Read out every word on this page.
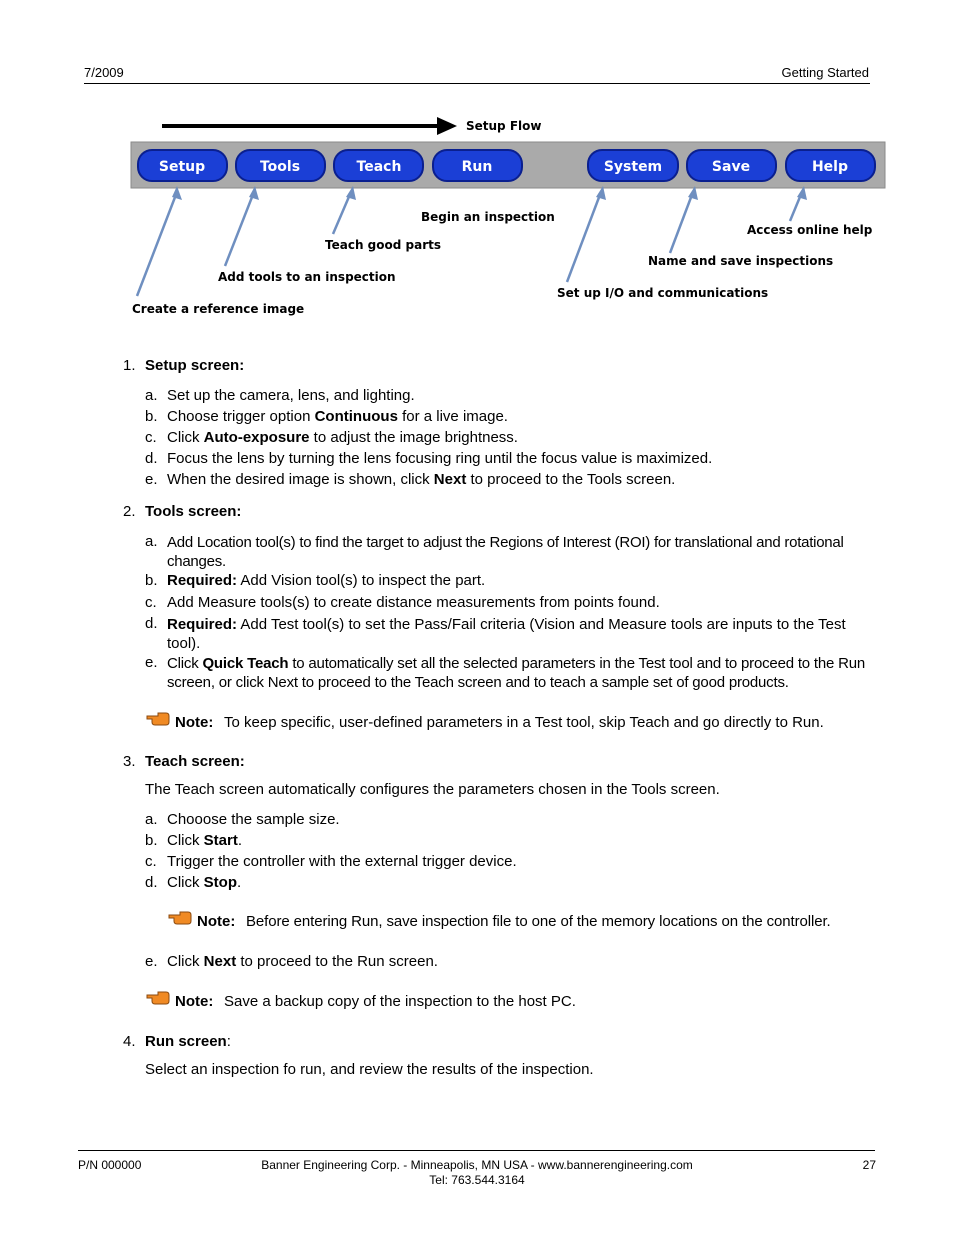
7/2009	Getting Started
Setup Flow
Setup	Tools	Teach	Run	System	Save	Help
Create a reference image
Add tools to an inspection
Teach good parts
Begin an inspection
Set up I/O and communications
Name and save inspections
Access online help
1. Setup screen:
a. Set up the camera, lens, and lighting.
b. Choose trigger option Continuous for a live image.
c. Click Auto-exposure to adjust the image brightness.
d. Focus the lens by turning the lens focusing ring until the focus value is maximized.
e. When the desired image is shown, click Next to proceed to the Tools screen.
2. Tools screen:
a. Add Location tool(s) to find the target to adjust the Regions of Interest (ROI) for translational and rotational changes.
b. Required: Add Vision tool(s) to inspect the part.
c. Add Measure tools(s) to create distance measurements from points found.
d. Required: Add Test tool(s) to set the Pass/Fail criteria (Vision and Measure tools are inputs to the Test tool).
e. Click Quick Teach to automatically set all the selected parameters in the Test tool and to proceed to the Run screen, or click Next to proceed to the Teach screen and to teach a sample set of good products.
Note: To keep specific, user-defined parameters in a Test tool, skip Teach and go directly to Run.
3. Teach screen:
The Teach screen automatically configures the parameters chosen in the Tools screen.
a. Chooose the sample size.
b. Click Start.
c. Trigger the controller with the external trigger device.
d. Click Stop.
Note: Before entering Run, save inspection file to one of the memory locations on the controller.
e. Click Next to proceed to the Run screen.
Note: Save a backup copy of the inspection to the host PC.
4. Run screen:
Select an inspection fo run, and review the results of the inspection.
P/N 000000	Banner Engineering Corp. - Minneapolis, MN USA - www.bannerengineering.com
Tel: 763.544.3164
27
